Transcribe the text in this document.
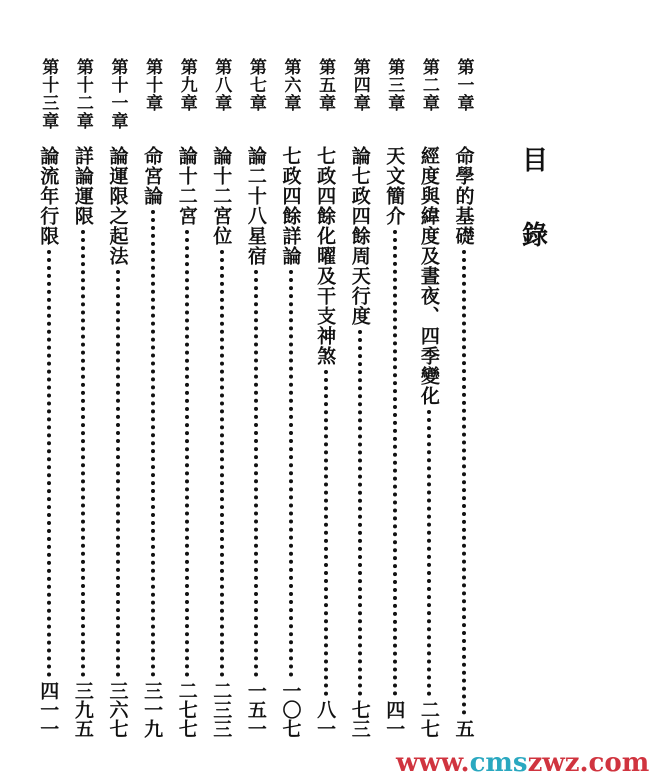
目
錄
第一章
命學的基礎
五
第二章
經度與緯度及晝夜、四季變化
二七
第三章
天文簡介
四一
第四章
論七政四餘周天行度
七三
第五章
七政四餘化曜及干支神煞
八一
第六章
七政四餘詳論
一〇七
第七章
論二十八星宿
一五一
第八章
論十二宮位
二三三
第九章
論十二宮
二七七
第十章
命宮論
三一九
第十一章
論運限之起法
三六七
第十二章
詳論運限
三九五
第十三章
論流年行限
四一一
www.cmszwz.com
